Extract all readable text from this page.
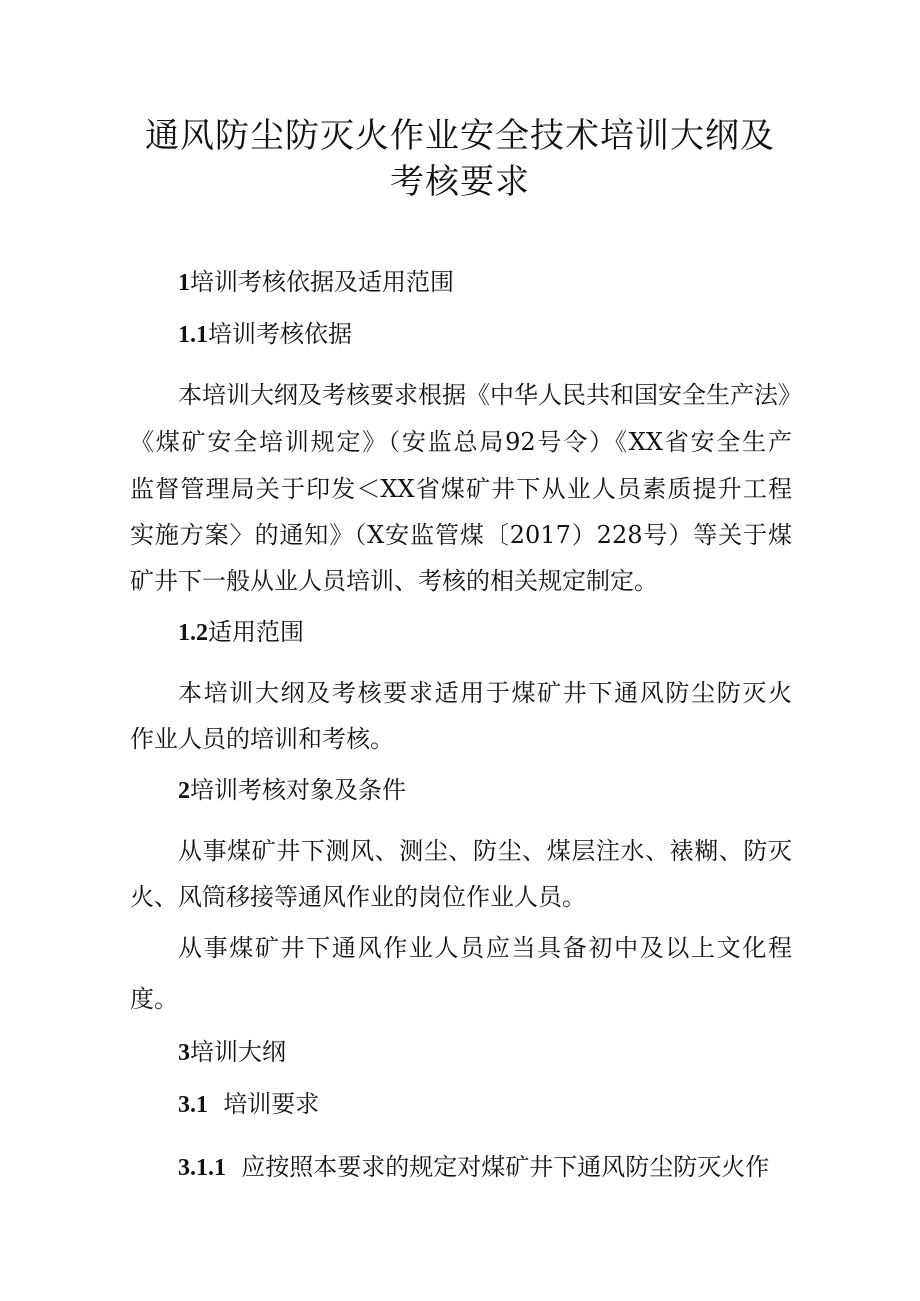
通风防尘防灭火作业安全技术培训大纲及
考核要求

1培训考核依据及适用范围

1.1培训考核依据

本培训大纲及考核要求根据《中华人民共和国安全生产法》

《煤矿安全培训规定》（安监总局92号令）《XX省安全生产

监督管理局关于印发＜XX省煤矿井下从业人员素质提升工程

实施方案〉的通知》（X安监管煤〔2017）228号）等关于煤

矿井下一般从业人员培训、考核的相关规定制定。

1.2适用范围

本培训大纲及考核要求适用于煤矿井下通风防尘防灭火

作业人员的培训和考核。

2培训考核对象及条件

从事煤矿井下测风、测尘、防尘、煤层注水、裱糊、防灭

火、风筒移接等通风作业的岗位作业人员。

从事煤矿井下通风作业人员应当具备初中及以上文化程

度。

3培训大纲

3.1 培训要求

3.1.1 应按照本要求的规定对煤矿井下通风防尘防灭火作
